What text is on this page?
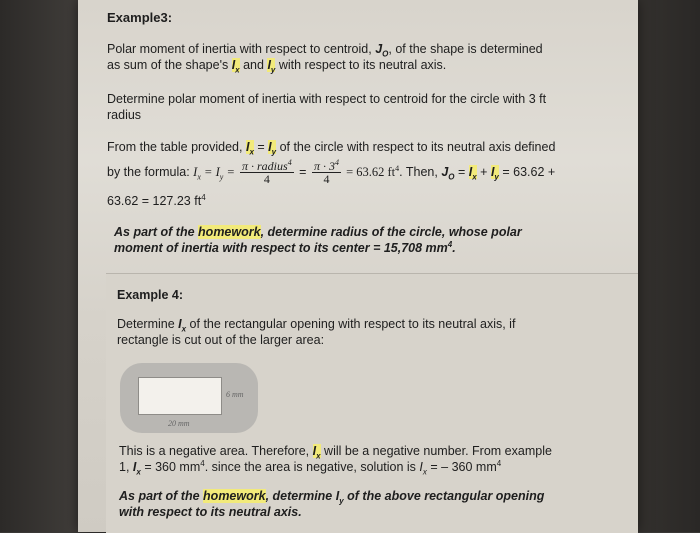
Example3:
Polar moment of inertia with respect to centroid, $J_O$, of the shape is determined
as sum of the shape's $I_x$ and $I_y$ with respect to its neutral axis.
Determine polar moment of inertia with respect to centroid for the circle with 3 ft
radius
From the table provided, $I_x = I_y$ of the circle with respect to its neutral axis defined
by the formula: $I_x = I_y = \frac{\pi \cdot radius^4}{4} = \frac{\pi \cdot 3^4}{4} = 63.62$ $ft^4$. Then, $J_O = I_x + I_y = 63.62$ +
63.62 = 127.23 $ft^4$
As part of the homework, determine radius of the circle, whose polar
moment of inertia with respect to its center = 15,708 $mm^4$.
Example 4:
Determine $I_x$ of the rectangular opening with respect to its neutral axis, if
rectangle is cut out of the larger area:
6 mm
20 mm
This is a negative area. Therefore, $I_x$ will be a negative number. From example
1, $I_x = 360$ $mm^4$. since the area is negative, solution is $I_x$ = – 360 $mm^4$
As part of the homework, determine $I_y$ of the above rectangular opening
with respect to its neutral axis.
